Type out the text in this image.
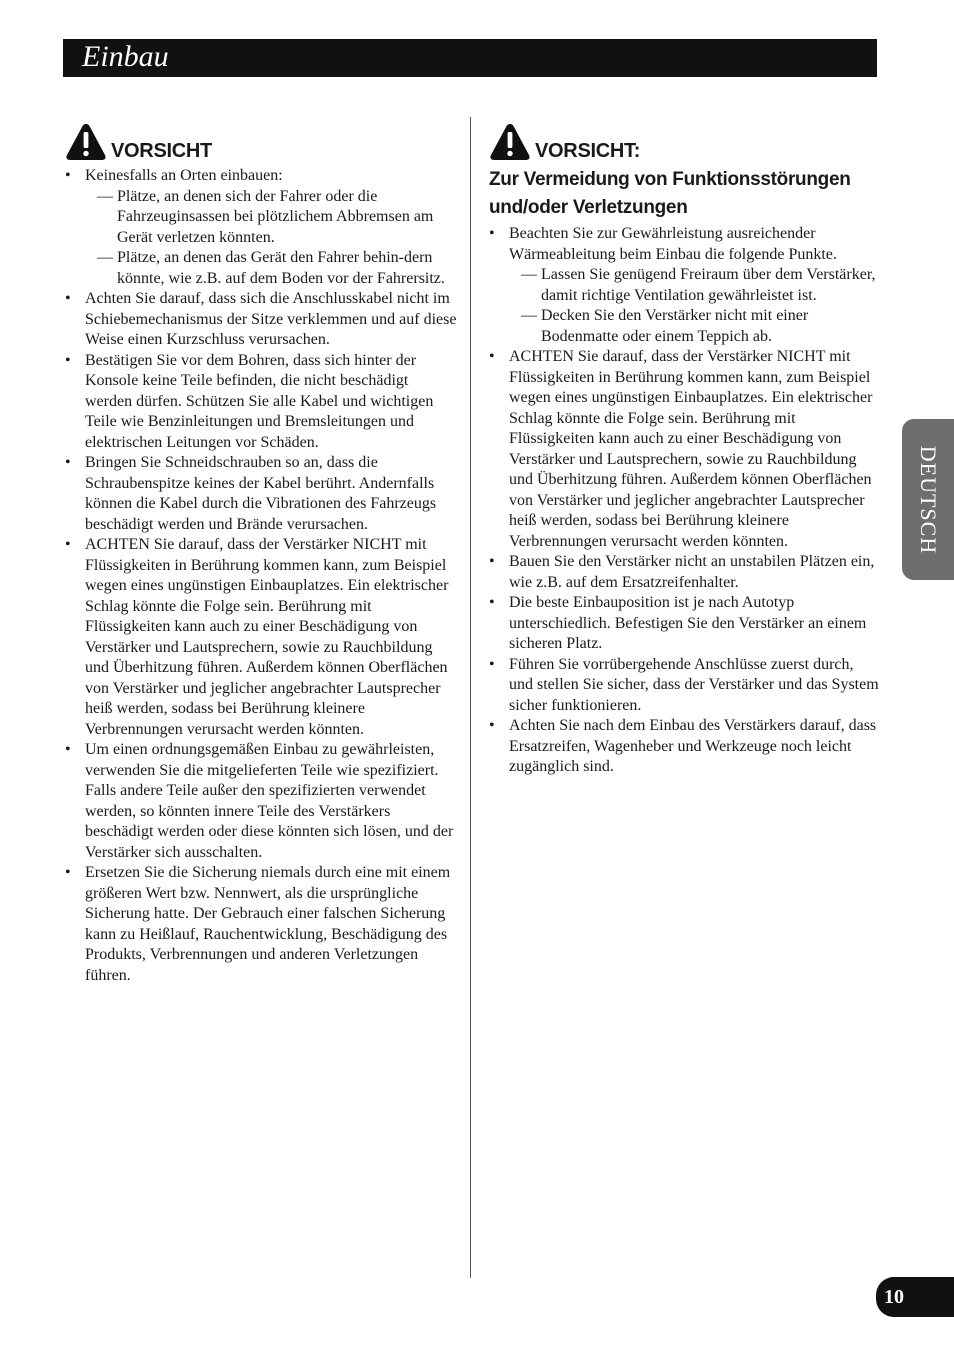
Einbau
VORSICHT
• Keinesfalls an Orten einbauen:
— Plätze, an denen sich der Fahrer oder die Fahrzeuginsassen bei plötzlichem Abbremsen am Gerät verletzen könnten.
— Plätze, an denen das Gerät den Fahrer behin-dern könnte, wie z.B. auf dem Boden vor der Fahrersitz.
• Achten Sie darauf, dass sich die Anschlusskabel nicht im Schiebemechanismus der Sitze verklemmen und auf diese Weise einen Kurzschluss verursachen.
• Bestätigen Sie vor dem Bohren, dass sich hinter der Konsole keine Teile befinden, die nicht beschädigt werden dürfen. Schützen Sie alle Kabel und wichtigen Teile wie Benzinleitungen und Bremsleitungen und elektrischen Leitungen vor Schäden.
• Bringen Sie Schneidschrauben so an, dass die Schraubenspitze keines der Kabel berührt. Andernfalls können die Kabel durch die Vibrationen des Fahrzeugs beschädigt werden und Brände verursachen.
• ACHTEN Sie darauf, dass der Verstärker NICHT mit Flüssigkeiten in Berührung kommen kann, zum Beispiel wegen eines ungünstigen Einbauplatzes. Ein elektrischer Schlag könnte die Folge sein. Berührung mit Flüssigkeiten kann auch zu einer Beschädigung von Verstärker und Lautsprechern, sowie zu Rauchbildung und Überhitzung führen. Außerdem können Oberflächen von Verstärker und jeglicher angebrachter Lautsprecher heiß werden, sodass bei Berührung kleinere Verbrennungen verursacht werden könnten.
• Um einen ordnungsgemäßen Einbau zu gewährleisten, verwenden Sie die mitgelieferten Teile wie spezifiziert. Falls andere Teile außer den spezifizierten verwendet werden, so könnten innere Teile des Verstärkers beschädigt werden oder diese könnten sich lösen, und der Verstärker sich ausschalten.
• Ersetzen Sie die Sicherung niemals durch eine mit einem größeren Wert bzw. Nennwert, als die ursprüngliche Sicherung hatte. Der Gebrauch einer falschen Sicherung kann zu Heißlauf, Rauchentwicklung, Beschädigung des Produkts, Verbrennungen und anderen Verletzungen führen.
VORSICHT:
Zur Vermeidung von Funktionsstörungen und/oder Verletzungen
• Beachten Sie zur Gewährleistung ausreichender Wärmeableitung beim Einbau die folgende Punkte.
— Lassen Sie genügend Freiraum über dem Verstärker, damit richtige Ventilation gewährleistet ist.
— Decken Sie den Verstärker nicht mit einer Bodenmatte oder einem Teppich ab.
• ACHTEN Sie darauf, dass der Verstärker NICHT mit Flüssigkeiten in Berührung kommen kann, zum Beispiel wegen eines ungünstigen Einbauplatzes. Ein elektrischer Schlag könnte die Folge sein. Berührung mit Flüssigkeiten kann auch zu einer Beschädigung von Verstärker und Lautsprechern, sowie zu Rauchbildung und Überhitzung führen. Außerdem können Oberflächen von Verstärker und jeglicher angebrachter Lautsprecher heiß werden, sodass bei Berührung kleinere Verbrennungen verursacht werden könnten.
• Bauen Sie den Verstärker nicht an unstabilen Plätzen ein, wie z.B. auf dem Ersatzreifenhalter.
• Die beste Einbauposition ist je nach Autotyp unterschiedlich. Befestigen Sie den Verstärker an einem sicheren Platz.
• Führen Sie vorrübergehende Anschlüsse zuerst durch, und stellen Sie sicher, dass der Verstärker und das System sicher funktionieren.
• Achten Sie nach dem Einbau des Verstärkers darauf, dass Ersatzreifen, Wagenheber und Werkzeuge noch leicht zugänglich sind.
DEUTSCH
10
